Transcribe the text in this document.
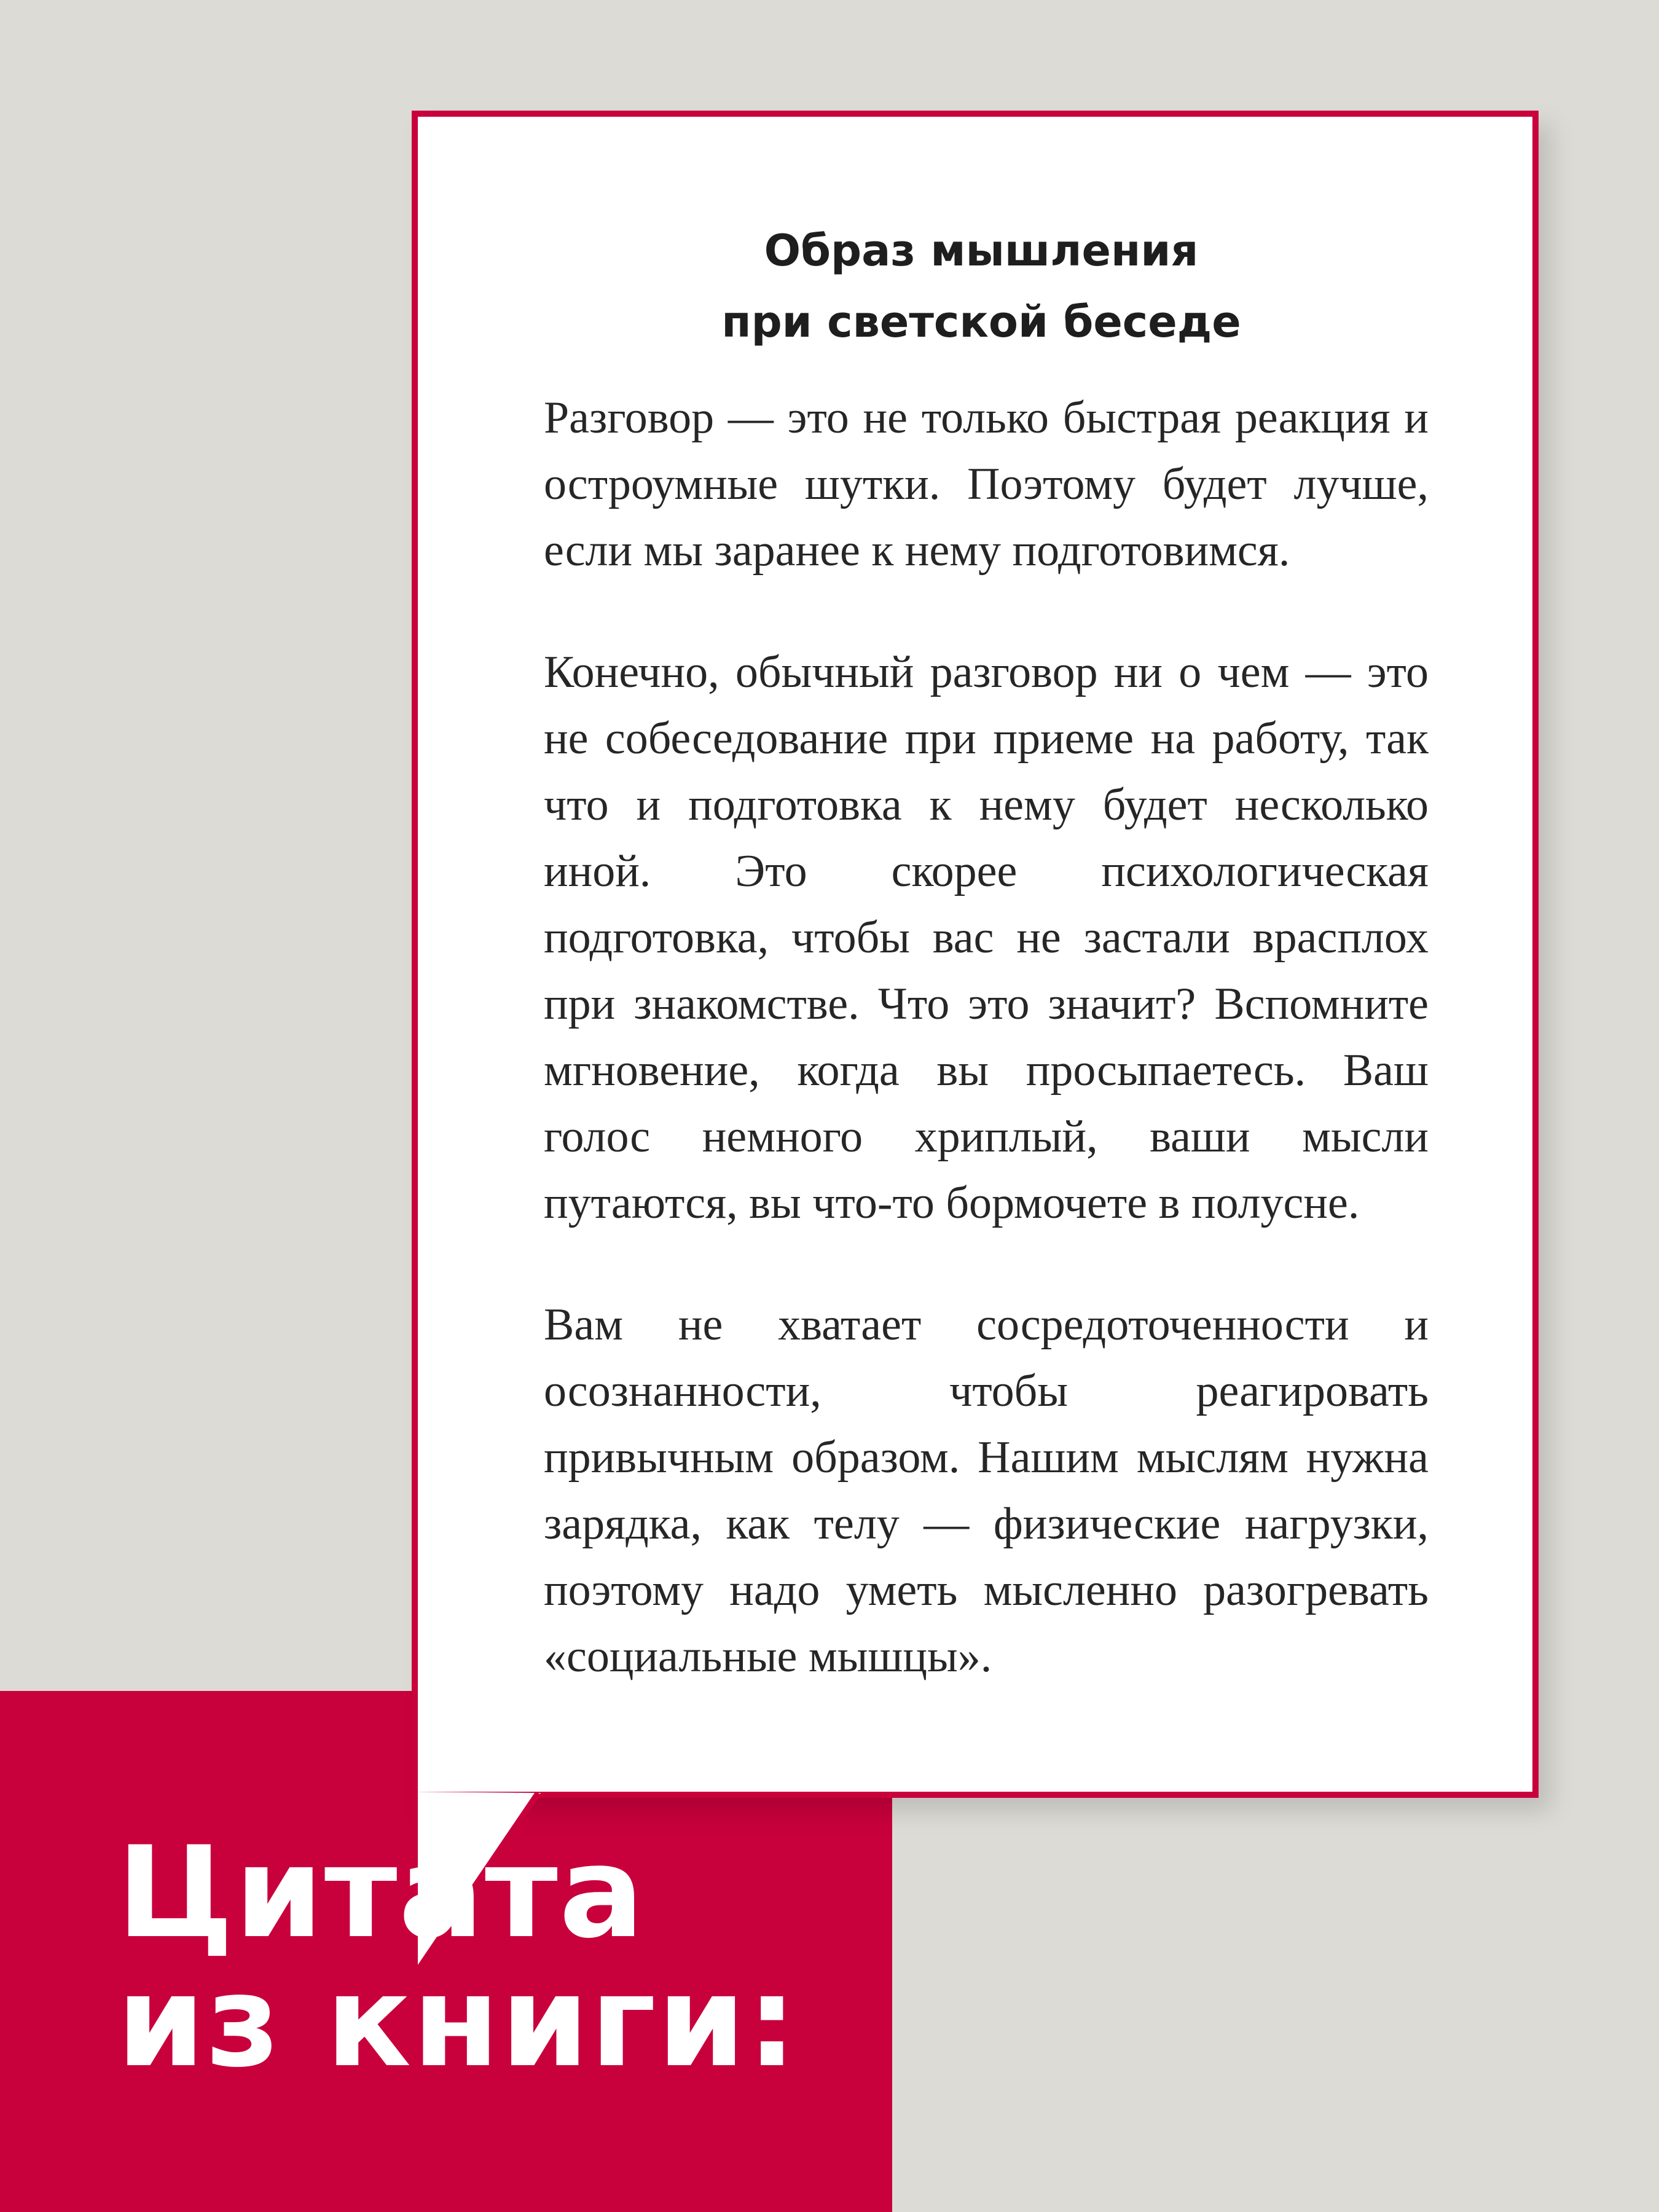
Образ мышления
при светской беседе

Разговор — это не только быстрая реакция и остроумные шутки. Поэтому будет лучше, если мы заранее к нему подготовимся.

Конечно, обычный разговор ни о чем — это не собеседование при приеме на работу, так что и подготовка к нему будет несколько иной. Это скорее психологическая подготовка, чтобы вас не застали врасплох при знакомстве. Что это значит? Вспомните мгновение, когда вы просыпаетесь. Ваш голос немного хриплый, ваши мысли путаются, вы что-то бормочете в полусне.

Вам не хватает сосредоточенности и осознанности, чтобы реагировать привычным образом. Нашим мыслям нужна зарядка, как телу — физические нагрузки, поэтому надо уметь мысленно разогревать «социальные мышцы».

Цитата
из книги:
